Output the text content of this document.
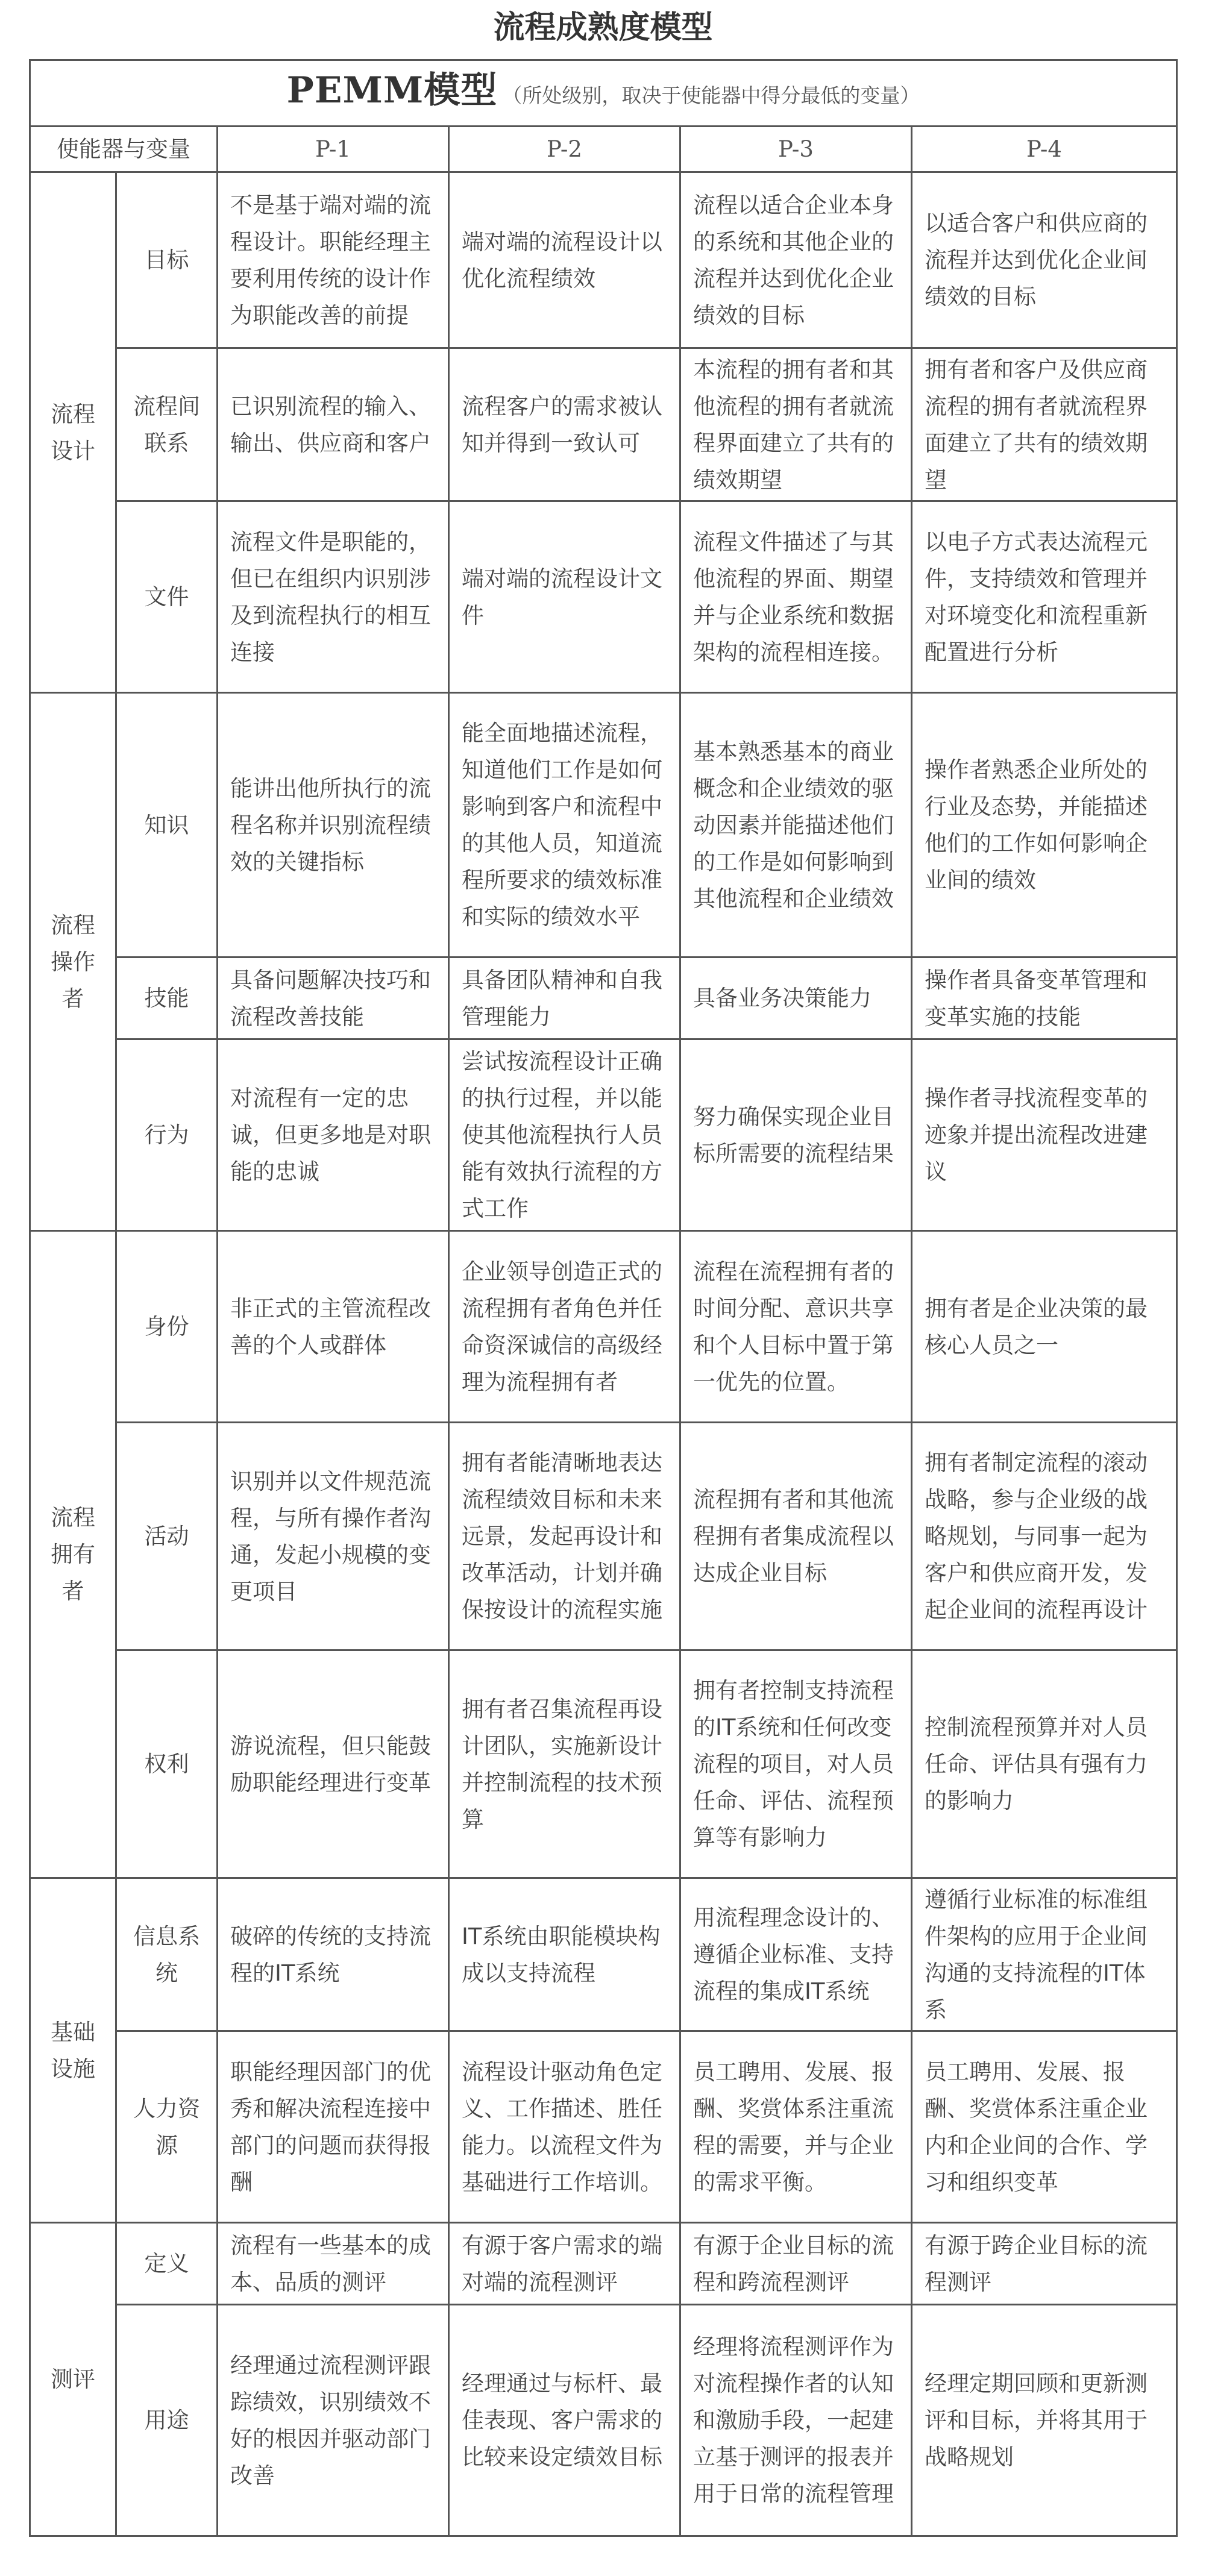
流程成熟度模型
PEMM模型 （所处级别，取决于使能器中得分最低的变量）					
使能器与变量		P-1	P-2	P-3	P-4
流程设计	目标	不是基于端对端的流程设计。职能经理主要利用传统的设计作为职能改善的前提	端对端的流程设计以优化流程绩效	流程以适合企业本身的系统和其他企业的流程并达到优化企业绩效的目标	以适合客户和供应商的流程并达到优化企业间绩效的目标
	流程间联系	已识别流程的输入、输出、供应商和客户	流程客户的需求被认知并得到一致认可	本流程的拥有者和其他流程的拥有者就流程界面建立了共有的绩效期望	拥有者和客户及供应商流程的拥有者就流程界面建立了共有的绩效期望
	文件	流程文件是职能的，但已在组织内识别涉及到流程执行的相互连接	端对端的流程设计文件	流程文件描述了与其他流程的界面、期望并与企业系统和数据架构的流程相连接。	以电子方式表达流程元件，支持绩效和管理并对环境变化和流程重新配置进行分析
流程操作者	知识	能讲出他所执行的流程名称并识别流程绩效的关键指标	能全面地描述流程，知道他们工作是如何影响到客户和流程中的其他人员，知道流程所要求的绩效标准和实际的绩效水平	基本熟悉基本的商业概念和企业绩效的驱动因素并能描述他们的工作是如何影响到其他流程和企业绩效	操作者熟悉企业所处的行业及态势，并能描述他们的工作如何影响企业间的绩效
	技能	具备问题解决技巧和流程改善技能	具备团队精神和自我管理能力	具备业务决策能力	操作者具备变革管理和变革实施的技能
	行为	对流程有一定的忠诚，但更多地是对职能的忠诚	尝试按流程设计正确的执行过程，并以能使其他流程执行人员能有效执行流程的方式工作	努力确保实现企业目标所需要的流程结果	操作者寻找流程变革的迹象并提出流程改进建议
流程拥有者	身份	非正式的主管流程改善的个人或群体	企业领导创造正式的流程拥有者角色并任命资深诚信的高级经理为流程拥有者	流程在流程拥有者的时间分配、意识共享和个人目标中置于第一优先的位置。	拥有者是企业决策的最核心人员之一
	活动	识别并以文件规范流程，与所有操作者沟通，发起小规模的变更项目	拥有者能清晰地表达流程绩效目标和未来远景，发起再设计和改革活动，计划并确保按设计的流程实施	流程拥有者和其他流程拥有者集成流程以达成企业目标	拥有者制定流程的滚动战略，参与企业级的战略规划，与同事一起为客户和供应商开发，发起企业间的流程再设计
	权利	游说流程，但只能鼓励职能经理进行变革	拥有者召集流程再设计团队，实施新设计并控制流程的技术预算	拥有者控制支持流程的IT系统和任何改变流程的项目，对人员任命、评估、流程预算等有影响力	控制流程预算并对人员任命、评估具有强有力的影响力
基础设施	信息系统	破碎的传统的支持流程的IT系统	IT系统由职能模块构成以支持流程	用流程理念设计的、遵循企业标准、支持流程的集成IT系统	遵循行业标准的标准组件架构的应用于企业间沟通的支持流程的IT体系
	人力资源	职能经理因部门的优秀和解决流程连接中部门的问题而获得报酬	流程设计驱动角色定义、工作描述、胜任能力。以流程文件为基础进行工作培训。	员工聘用、发展、报酬、奖赏体系注重流程的需要，并与企业的需求平衡。	员工聘用、发展、报酬、奖赏体系注重企业内和企业间的合作、学习和组织变革
测评	定义	流程有一些基本的成本、品质的测评	有源于客户需求的端对端的流程测评	有源于企业目标的流程和跨流程测评	有源于跨企业目标的流程测评
	用途	经理通过流程测评跟踪绩效，识别绩效不好的根因并驱动部门改善	经理通过与标杆、最佳表现、客户需求的比较来设定绩效目标	经理将流程测评作为对流程操作者的认知和激励手段，一起建立基于测评的报表并用于日常的流程管理	经理定期回顾和更新测评和目标，并将其用于战略规划
